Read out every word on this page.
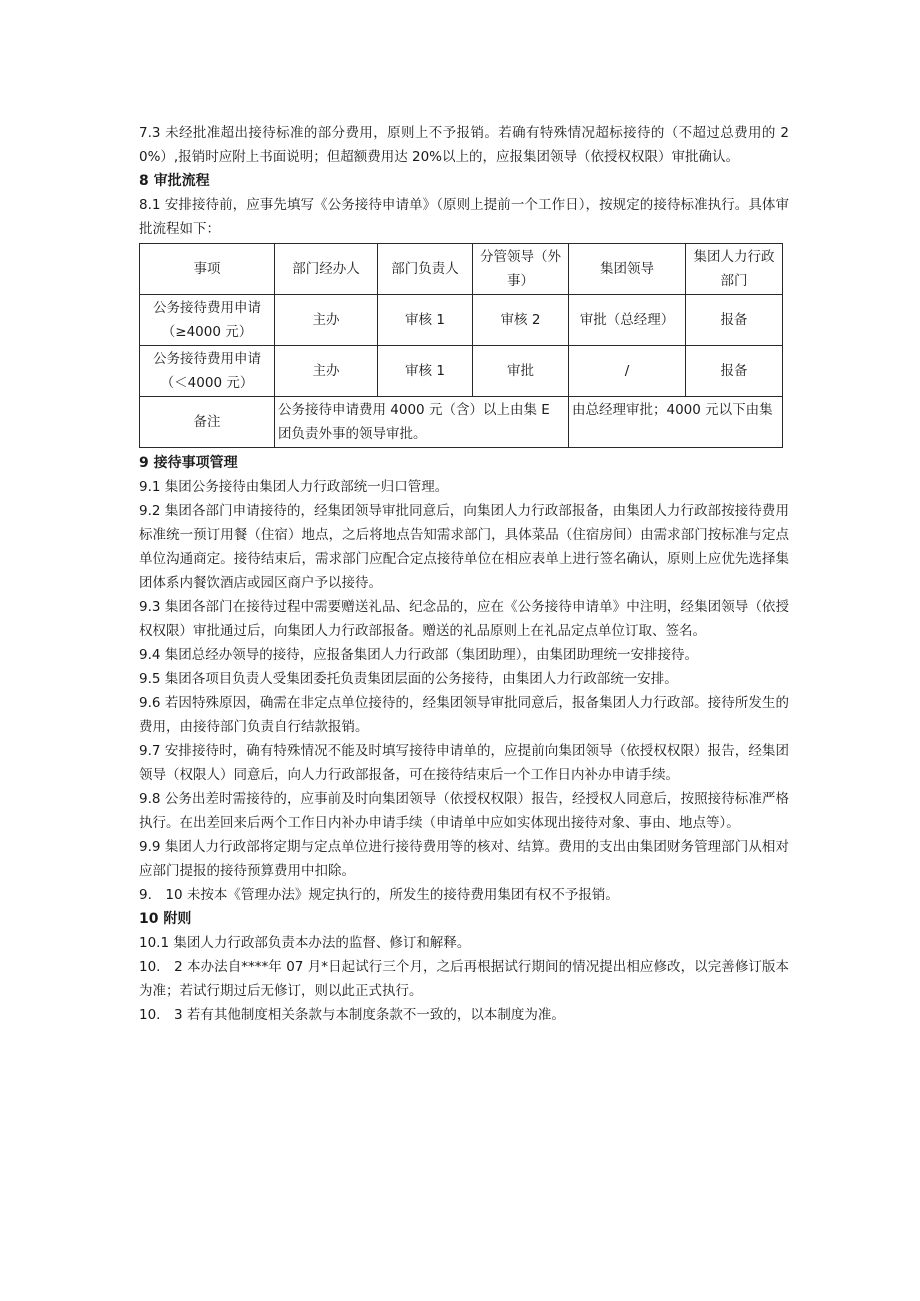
7.3 未经批准超出接待标准的部分费用，原则上不予报销。若确有特殊情况超标接待的（不超过总费用的 20%）,报销时应附上书面说明；但超额费用达 20%以上的，应报集团领导（依授权权限）审批确认。

8 审批流程

8.1 安排接待前，应事先填写《公务接待申请单》（原则上提前一个工作日），按规定的接待标准执行。具体审批流程如下：

事项	部门经办人	部门负责人	分管领导（外事）	集团领导	集团人力行政部门
公务接待费用申请（≥4000 元）	主办	审核 1	审核 2	审批（总经理）	报备
公务接待费用申请（＜4000 元）	主办	审核 1	审批	/	报备
备注	公务接待申请费用 4000 元（含）以上由集 E 团负责外事的领导审批。			由总经理审批；4000 元以下由集	

9 接待事项管理

9.1 集团公务接待由集团人力行政部统一归口管理。

9.2 集团各部门申请接待的，经集团领导审批同意后，向集团人力行政部报备，由集团人力行政部按接待费用标准统一预订用餐（住宿）地点，之后将地点告知需求部门，具体菜品（住宿房间）由需求部门按标准与定点单位沟通商定。接待结束后，需求部门应配合定点接待单位在相应表单上进行签名确认，原则上应优先选择集团体系内餐饮酒店或园区商户予以接待。

9.3 集团各部门在接待过程中需要赠送礼品、纪念品的，应在《公务接待申请单》中注明，经集团领导（依授权权限）审批通过后，向集团人力行政部报备。赠送的礼品原则上在礼品定点单位订取、签名。

9.4 集团总经办领导的接待，应报备集团人力行政部（集团助理），由集团助理统一安排接待。

9.5 集团各项目负责人受集团委托负责集团层面的公务接待，由集团人力行政部统一安排。

9.6 若因特殊原因，确需在非定点单位接待的，经集团领导审批同意后，报备集团人力行政部。接待所发生的费用，由接待部门负责自行结款报销。

9.7 安排接待时，确有特殊情况不能及时填写接待申请单的，应提前向集团领导（依授权权限）报告，经集团领导（权限人）同意后，向人力行政部报备，可在接待结束后一个工作日内补办申请手续。

9.8 公务出差时需接待的，应事前及时向集团领导（依授权权限）报告，经授权人同意后，按照接待标准严格执行。在出差回来后两个工作日内补办申请手续（申请单中应如实体现出接待对象、事由、地点等）。

9.9 集团人力行政部将定期与定点单位进行接待费用等的核对、结算。费用的支出由集团财务管理部门从相对应部门提报的接待预算费用中扣除。

9.　10 未按本《管理办法》规定执行的，所发生的接待费用集团有权不予报销。

10 附则

10.1 集团人力行政部负责本办法的监督、修订和解释。

10.　2 本办法自****年 07 月*日起试行三个月，之后再根据试行期间的情况提出相应修改，以完善修订版本为准；若试行期过后无修订，则以此正式执行。

10.　3 若有其他制度相关条款与本制度条款不一致的，以本制度为准。
